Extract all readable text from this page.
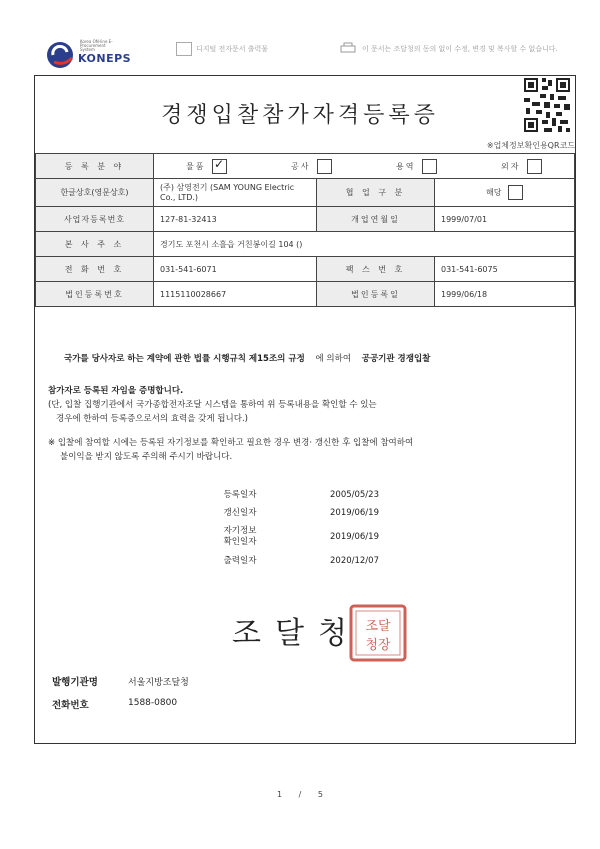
Korea ON-line E-Procurement System
KONEPS
디지털 전자문서 출력물	이 문서는 조달청의 동의 없이 수정, 변경 및 복사할 수 없습니다.
경쟁입찰참가자격등록증
※업체정보확인용QR코드
등 록 분 야	물품 ✓ 공사 용역 외자

한글상호(영문상호)	(주) 삼영전기 (SAM YOUNG Electric Co., LTD.)	협 업 구 분	해당
사업자등록번호	127-81-32413	개업연월일	1999/07/01
본 사 주 소	경기도 포천시 소흘읍 거친봉이길 104 ()		
전 화 번 호	031-541-6071	팩 스 번 호	031-541-6075
법인등록번호	1115110028667	법인등록일	1999/06/18
국가를 당사자로 하는 계약에 관한 법률 시행규칙 제15조의 규정 에 의하여 공공기관 경쟁입찰
참가자로 등록된 자임을 증명합니다.
(단, 입찰 집행기관에서 국가종합전자조달 시스템을 통하여 위 등록내용을 확인할 수 있는
경우에 한하여 등록증으로서의 효력을 갖게 됩니다.)
※ 입찰에 참여할 시에는 등록된 자기정보를 확인하고 필요한 경우 변경· 갱신한 후 입찰에 참여하여
불이익을 받지 않도록 주의해 주시기 바랍니다.
등록일자	2005/05/23
갱신일자	2019/06/19
자기정보
확인일자	2019/06/19
출력일자	2020/12/07
조달
청장
조달청
발행기관명	서울지방조달청
전화번호	1588-0800
1 / 5
